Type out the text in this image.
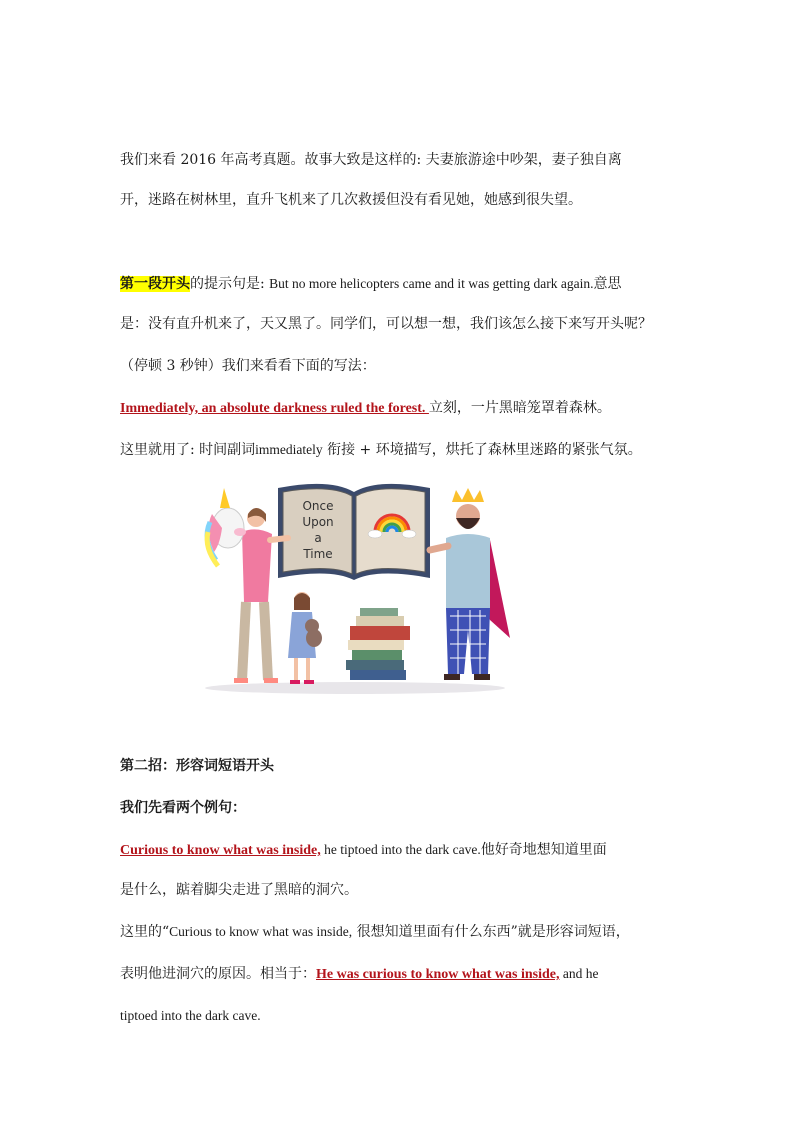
我们来看 2016 年高考真题。故事大致是这样的: 夫妻旅游途中吵架，妻子独自离
开，迷路在树林里，直升飞机来了几次救援但没有看见她，她感到很失望。
第一段开头的提示句是: But no more helicopters came and it was getting dark again.意思
是：没有直升机来了，天又黑了。同学们，可以想一想，我们该怎么接下来写开头呢？
（停顿 3 秒钟）我们来看看下面的写法：
Immediately, an absolute darkness ruled the forest. 立刻，一片黑暗笼罩着森林。
这里就用了: 时间副词immediately 衔接 + 环境描写，烘托了森林里迷路的紧张气氛。
Once
Upon
a
Time
第二招：形容词短语开头
我们先看两个例句：
Curious to know what was inside, he tiptoed into the dark cave.他好奇地想知道里面
是什么，踮着脚尖走进了黑暗的洞穴。
这里的“Curious to know what was inside, 很想知道里面有什么东西”就是形容词短语，
表明他进洞穴的原因。相当于：He was curious to know what was inside, and he
tiptoed into the dark cave.
